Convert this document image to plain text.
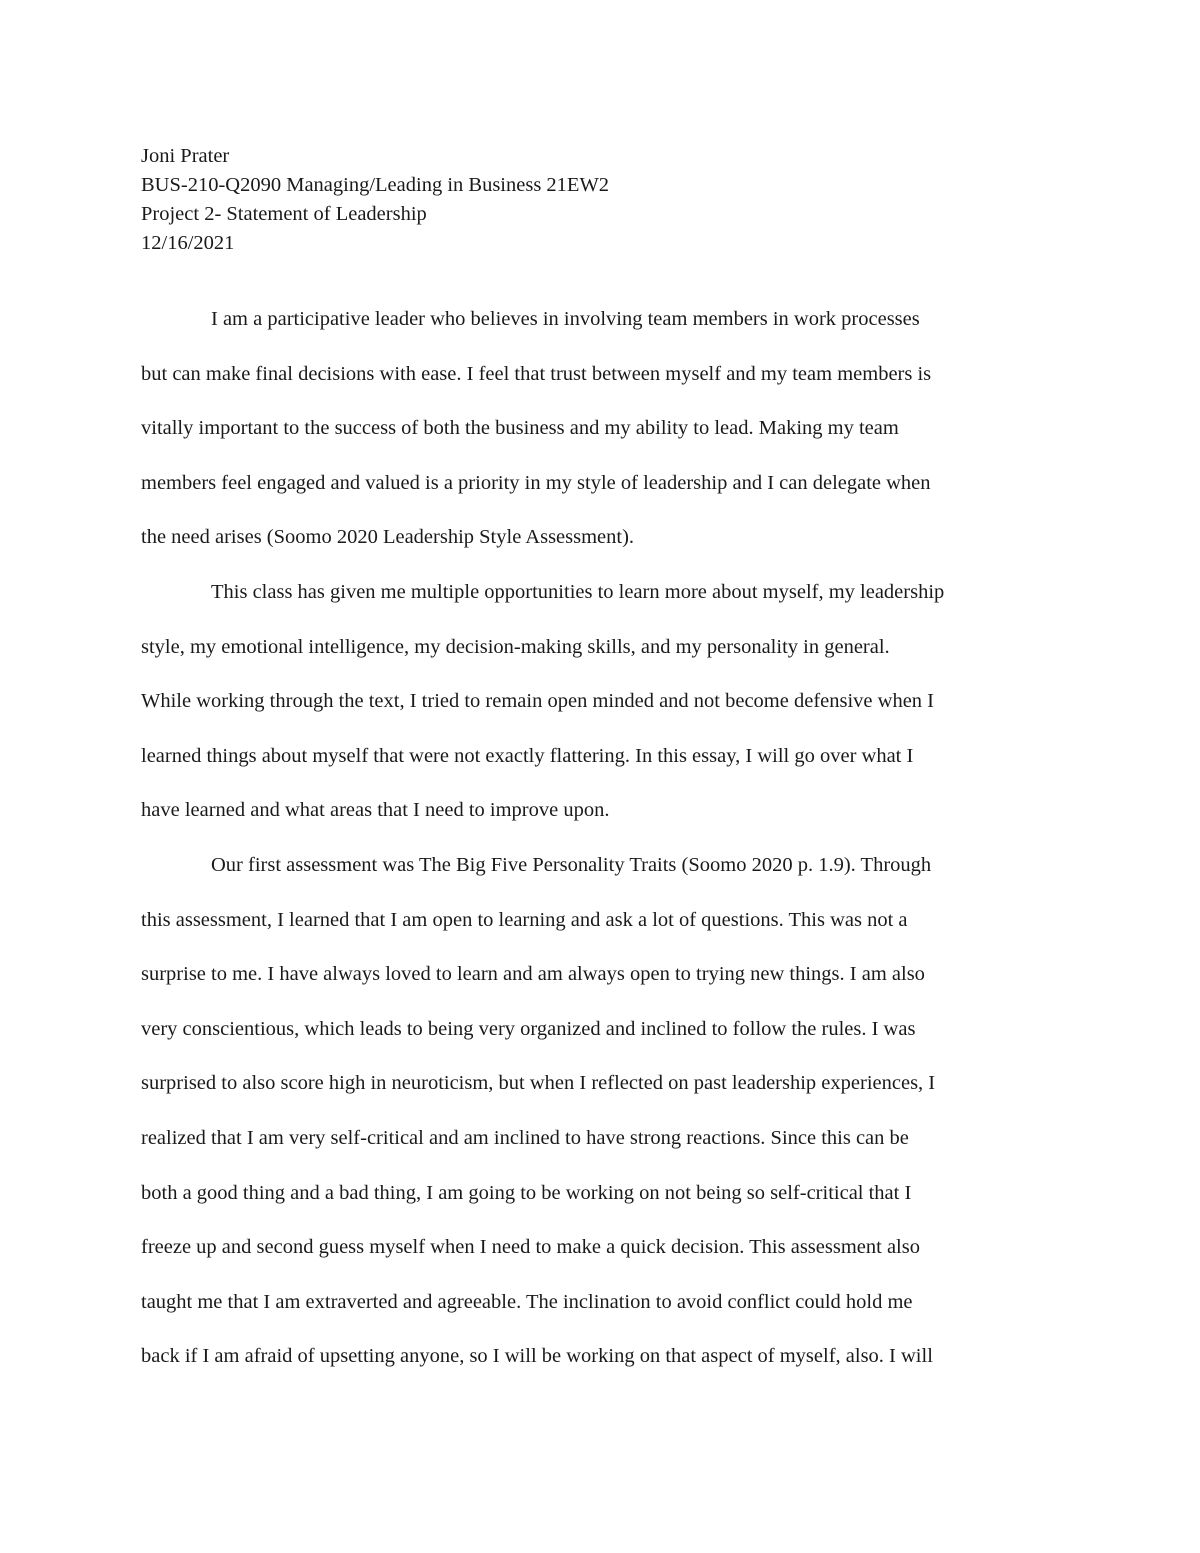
Joni Prater
BUS-210-Q2090 Managing/Leading in Business 21EW2
Project 2- Statement of Leadership
12/16/2021
I am a participative leader who believes in involving team members in work processes
but can make final decisions with ease. I feel that trust between myself and my team members is
vitally important to the success of both the business and my ability to lead. Making my team
members feel engaged and valued is a priority in my style of leadership and I can delegate when
the need arises (Soomo 2020 Leadership Style Assessment).
This class has given me multiple opportunities to learn more about myself, my leadership
style, my emotional intelligence, my decision-making skills, and my personality in general.
While working through the text, I tried to remain open minded and not become defensive when I
learned things about myself that were not exactly flattering. In this essay, I will go over what I
have learned and what areas that I need to improve upon.
Our first assessment was The Big Five Personality Traits (Soomo 2020 p. 1.9). Through
this assessment, I learned that I am open to learning and ask a lot of questions. This was not a
surprise to me. I have always loved to learn and am always open to trying new things. I am also
very conscientious, which leads to being very organized and inclined to follow the rules. I was
surprised to also score high in neuroticism, but when I reflected on past leadership experiences, I
realized that I am very self-critical and am inclined to have strong reactions. Since this can be
both a good thing and a bad thing, I am going to be working on not being so self-critical that I
freeze up and second guess myself when I need to make a quick decision. This assessment also
taught me that I am extraverted and agreeable. The inclination to avoid conflict could hold me
back if I am afraid of upsetting anyone, so I will be working on that aspect of myself, also. I will
